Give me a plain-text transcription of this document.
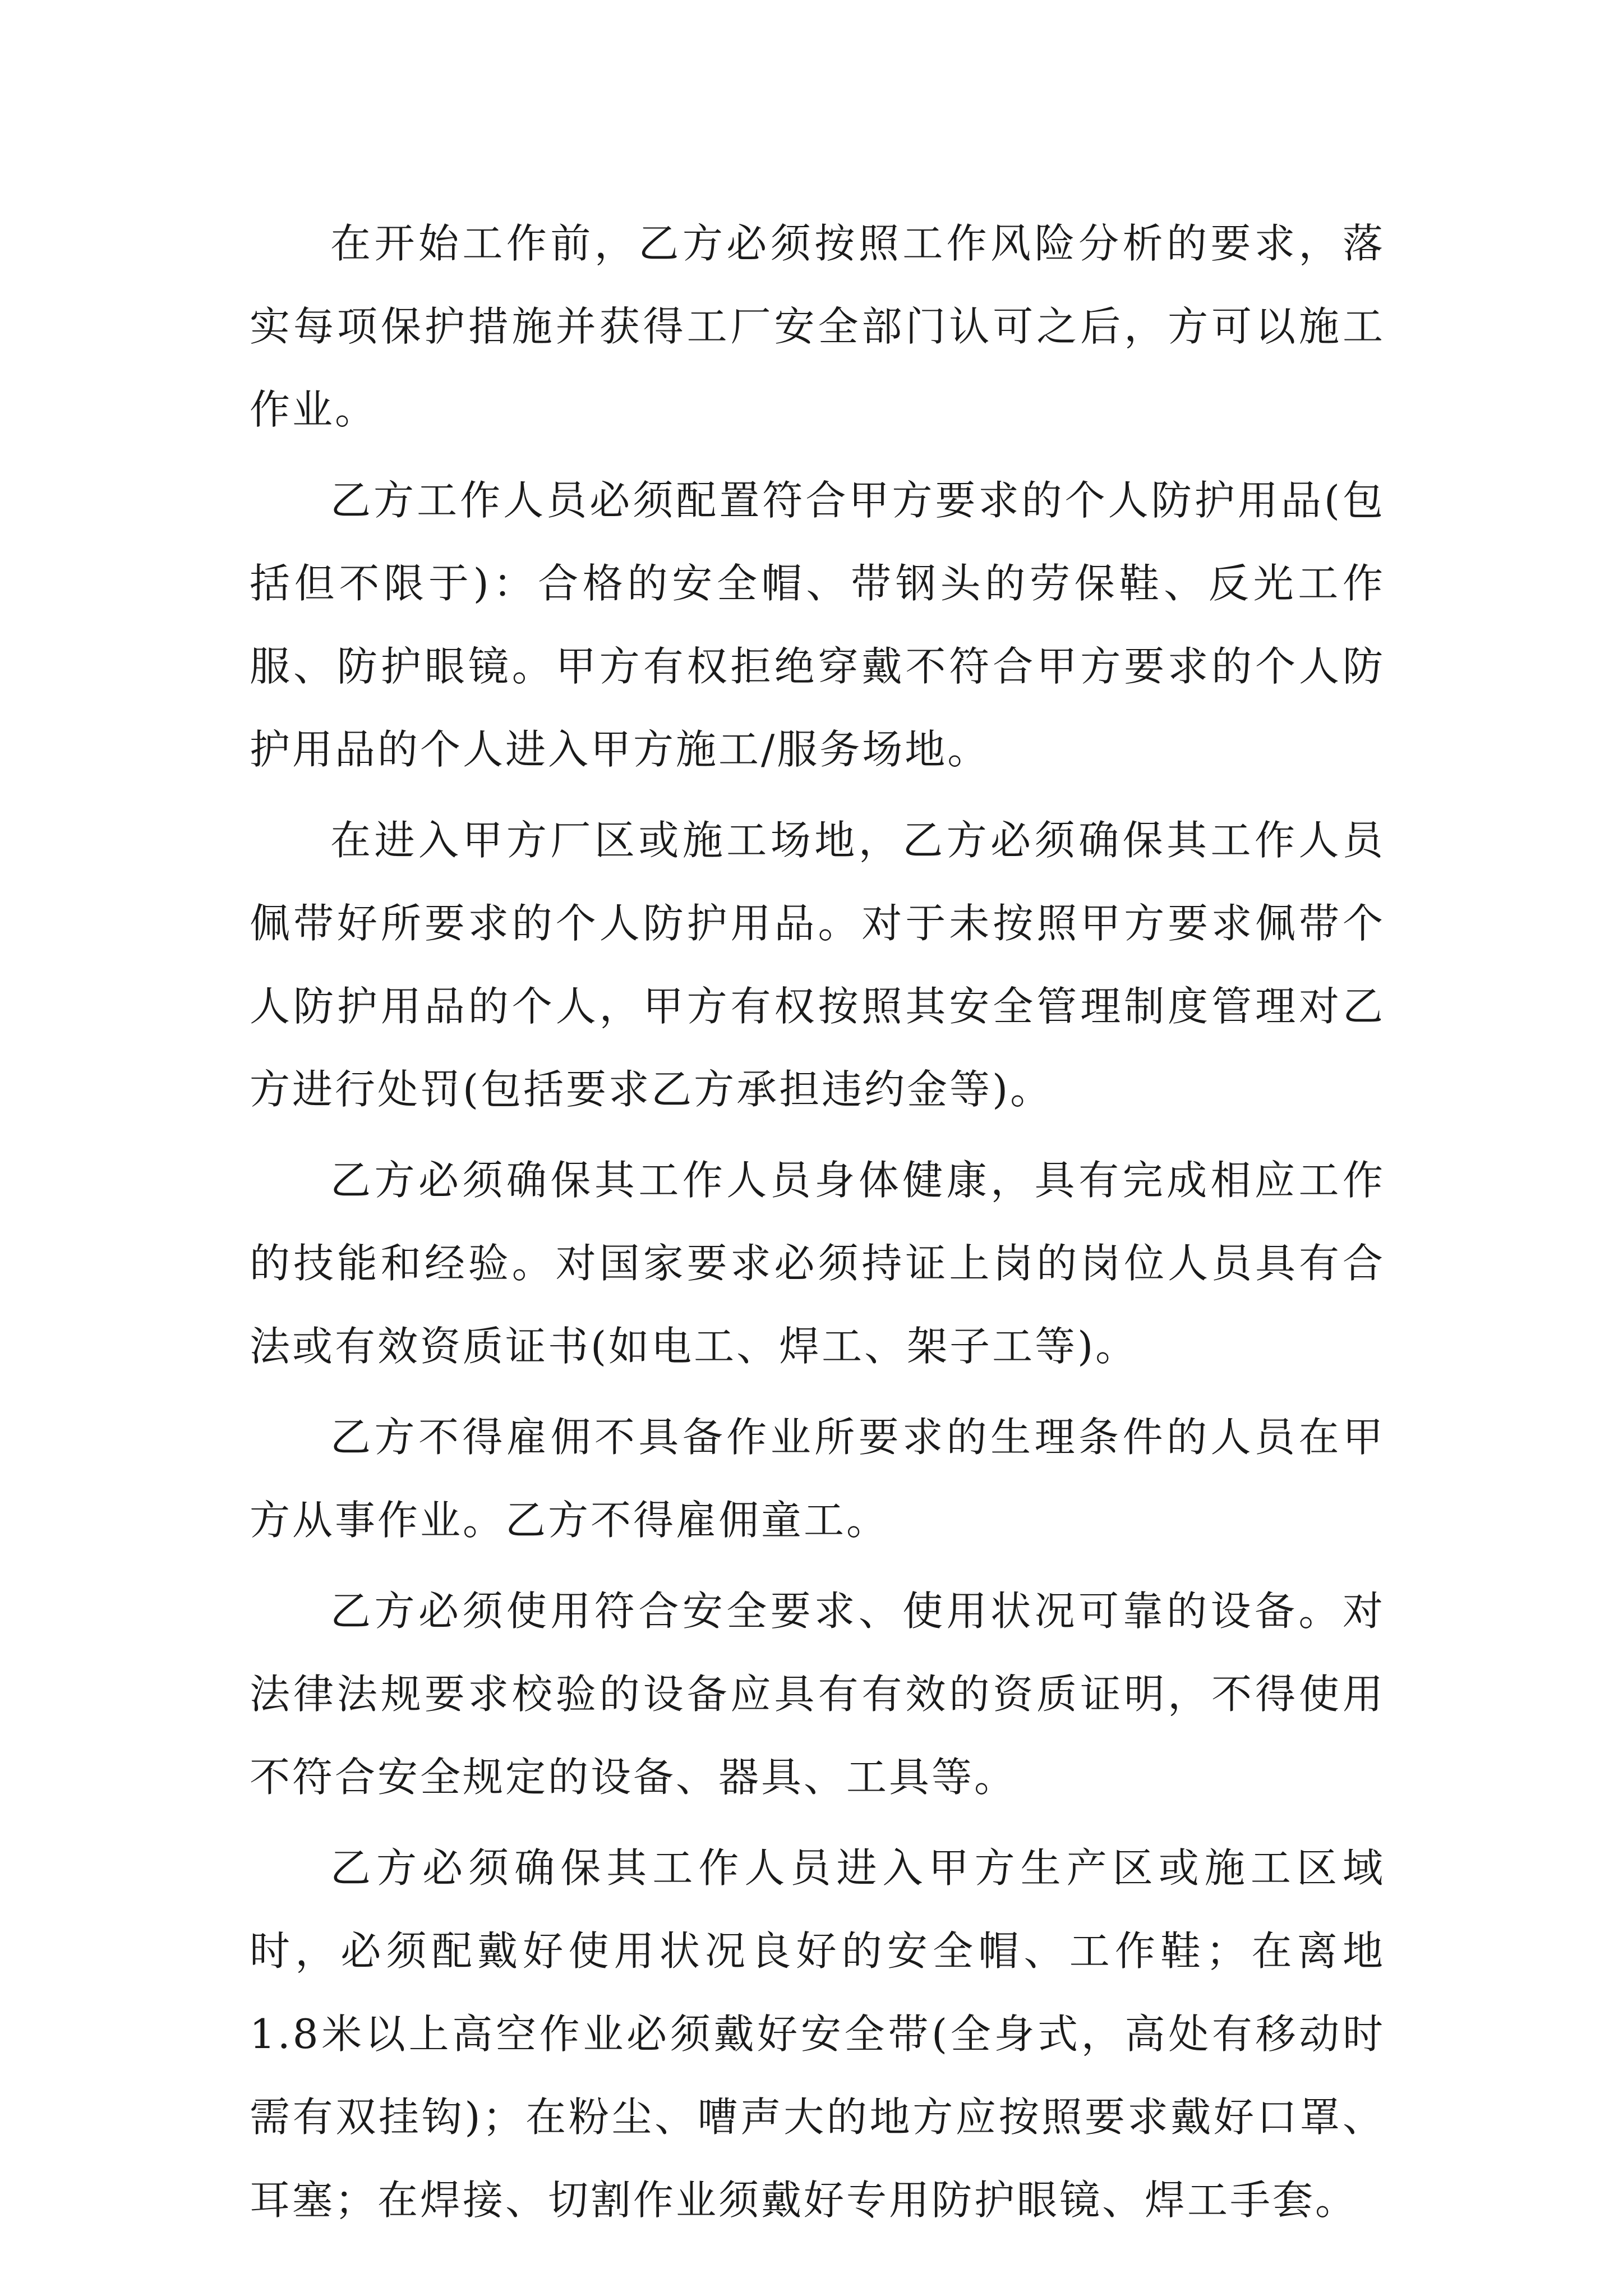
在开始工作前，乙方必须按照工作风险分析的要求，落实每项保护措施并获得工厂安全部门认可之后，方可以施工作业。

乙方工作人员必须配置符合甲方要求的个人防护用品(包括但不限于)：合格的安全帽、带钢头的劳保鞋、反光工作服、防护眼镜。甲方有权拒绝穿戴不符合甲方要求的个人防护用品的个人进入甲方施工/服务场地。

在进入甲方厂区或施工场地，乙方必须确保其工作人员佩带好所要求的个人防护用品。对于未按照甲方要求佩带个人防护用品的个人，甲方有权按照其安全管理制度管理对乙方进行处罚(包括要求乙方承担违约金等)。

乙方必须确保其工作人员身体健康，具有完成相应工作的技能和经验。对国家要求必须持证上岗的岗位人员具有合法或有效资质证书(如电工、焊工、架子工等)。

乙方不得雇佣不具备作业所要求的生理条件的人员在甲方从事作业。乙方不得雇佣童工。

乙方必须使用符合安全要求、使用状况可靠的设备。对法律法规要求校验的设备应具有有效的资质证明，不得使用不符合安全规定的设备、器具、工具等。

乙方必须确保其工作人员进入甲方生产区或施工区域时，必须配戴好使用状况良好的安全帽、工作鞋；在离地1.8米以上高空作业必须戴好安全带(全身式，高处有移动时需有双挂钩)；在粉尘、嘈声大的地方应按照要求戴好口罩、耳塞；在焊接、切割作业须戴好专用防护眼镜、焊工手套。
